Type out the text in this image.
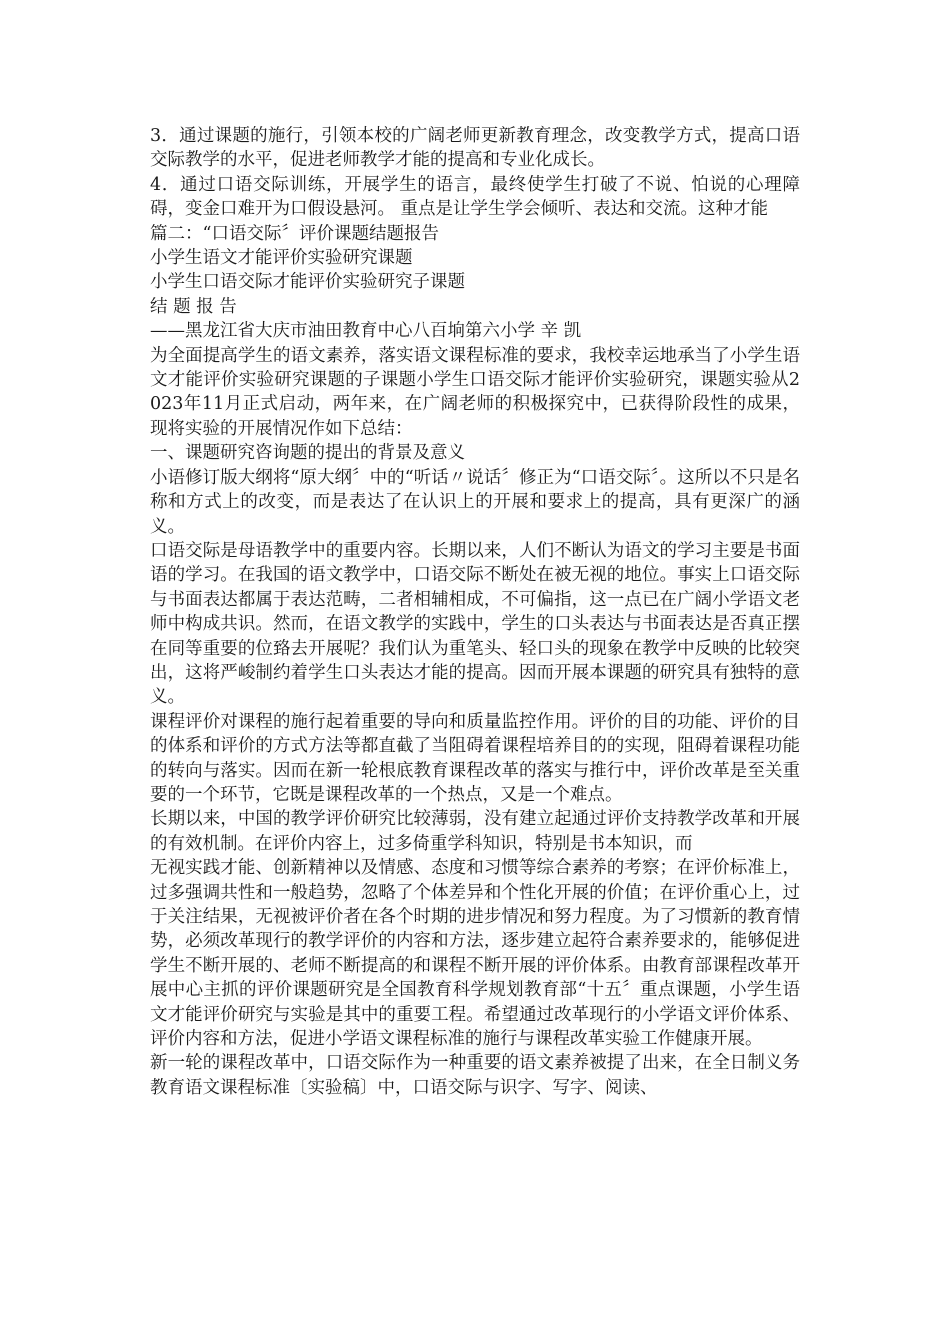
3．通过课题的施行，引领本校的广阔老师更新教育理念，改变教学方式，提高口语交际教学的水平，促进老师教学才能的提高和专业化成长。

4．通过口语交际训练，开展学生的语言，最终使学生打破了不说、怕说的心理障碍，变金口难开为口假设悬河。 重点是让学生学会倾听、表达和交流。这种才能

篇二：“口语交际〞评价课题结题报告

小学生语文才能评价实验研究课题

小学生口语交际才能评价实验研究子课题

结 题 报 告

——黑龙江省大庆市油田教育中心八百垧第六小学 辛 凯

为全面提高学生的语文素养，落实语文课程标准的要求，我校幸运地承当了小学生语文才能评价实验研究课题的子课题小学生口语交际才能评价实验研究，课题实验从2023年11月正式启动，两年来，在广阔老师的积极探究中，已获得阶段性的成果，现将实验的开展情况作如下总结：

一、课题研究咨询题的提出的背景及意义

小语修订版大纲将“原大纲〞中的“听话〃说话〞修正为“口语交际〞。这所以不只是名称和方式上的改变，而是表达了在认识上的开展和要求上的提高，具有更深广的涵义。

口语交际是母语教学中的重要内容。长期以来，人们不断认为语文的学习主要是书面语的学习。在我国的语文教学中，口语交际不断处在被无视的地位。事实上口语交际与书面表达都属于表达范畴，二者相辅相成，不可偏指，这一点已在广阔小学语文老师中构成共识。然而，在语文教学的实践中，学生的口头表达与书面表达是否真正摆在同等重要的位臵去开展呢？我们认为重笔头、轻口头的现象在教学中反映的比较突出，这将严峻制约着学生口头表达才能的提高。因而开展本课题的研究具有独特的意义。

课程评价对课程的施行起着重要的导向和质量监控作用。评价的目的功能、评价的目的体系和评价的方式方法等都直截了当阻碍着课程培养目的的实现，阻碍着课程功能的转向与落实。因而在新一轮根底教育课程改革的落实与推行中，评价改革是至关重要的一个环节，它既是课程改革的一个热点，又是一个难点。

长期以来，中国的教学评价研究比较薄弱，没有建立起通过评价支持教学改革和开展的有效机制。在评价内容上，过多倚重学科知识，特别是书本知识，而

无视实践才能、创新精神以及情感、态度和习惯等综合素养的考察；在评价标准上，过多强调共性和一般趋势，忽略了个体差异和个性化开展的价值；在评价重心上，过于关注结果，无视被评价者在各个时期的进步情况和努力程度。为了习惯新的教育情势，必须改革现行的教学评价的内容和方法，逐步建立起符合素养要求的，能够促进学生不断开展的、老师不断提高的和课程不断开展的评价体系。由教育部课程改革开展中心主抓的评价课题研究是全国教育科学规划教育部“十五〞重点课题，小学生语文才能评价研究与实验是其中的重要工程。希望通过改革现行的小学语文评价体系、评价内容和方法，促进小学语文课程标准的施行与课程改革实验工作健康开展。

新一轮的课程改革中，口语交际作为一种重要的语文素养被提了出来，在全日制义务教育语文课程标准〔实验稿〕中，口语交际与识字、写字、阅读、
